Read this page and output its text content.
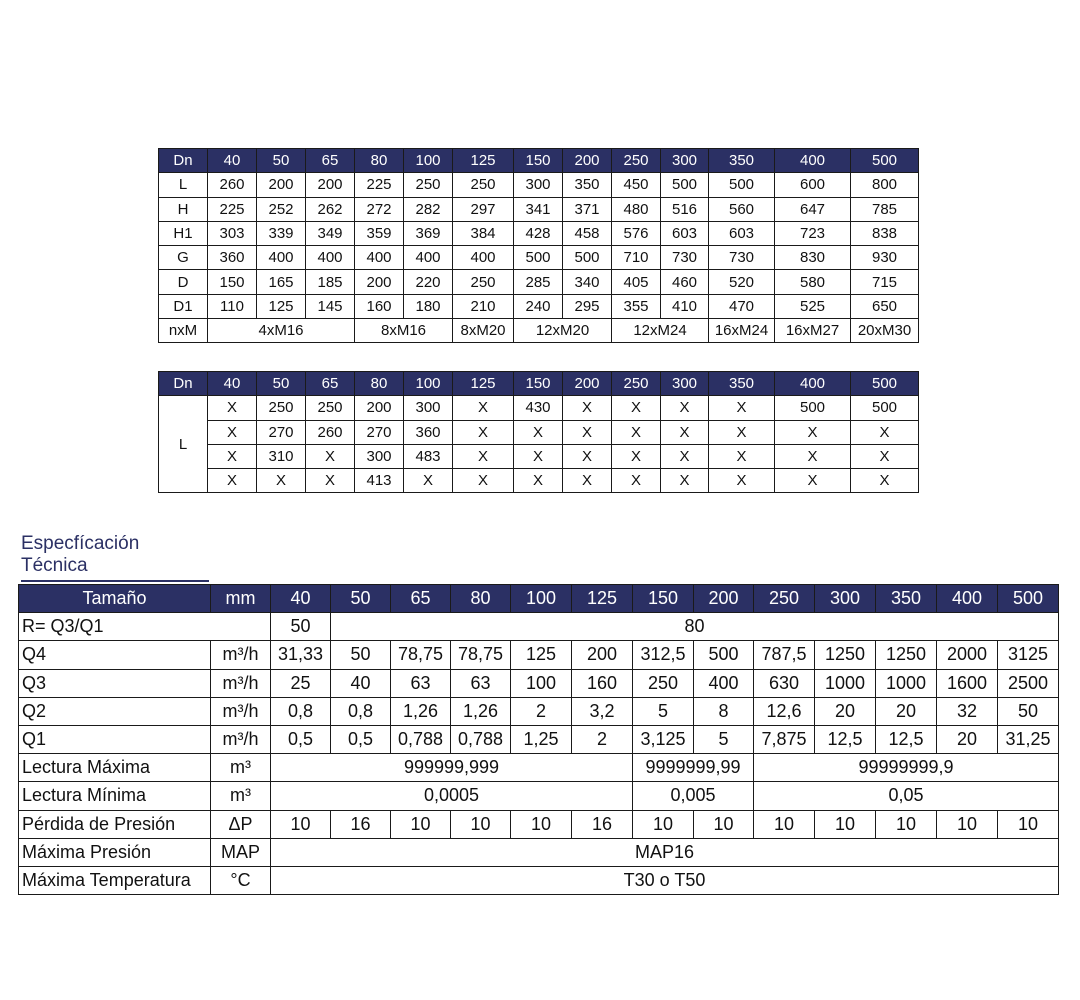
Dn	40	50	65	80	100	125	150	200	250	300	350	400	500
L	260	200	200	225	250	250	300	350	450	500	500	600	800
H	225	252	262	272	282	297	341	371	480	516	560	647	785
H1	303	339	349	359	369	384	428	458	576	603	603	723	838
G	360	400	400	400	400	400	500	500	710	730	730	830	930
D	150	165	185	200	220	250	285	340	405	460	520	580	715
D1	110	125	145	160	180	210	240	295	355	410	470	525	650
nxM	4xM16			8xM16		8xM20	12xM20		12xM24		16xM24	16xM27	20xM30
Dn	40	50	65	80	100	125	150	200	250	300	350	400	500
L	X	250	250	200	300	X	430	X	X	X	X	500	500
	X	270	260	270	360	X	X	X	X	X	X	X	X
	X	310	X	300	483	X	X	X	X	X	X	X	X
	X	X	X	413	X	X	X	X	X	X	X	X	X
Especfícación Técnica
Tamaño	mm	40	50	65	80	100	125	150	200	250	300	350	400	500
R= Q3/Q1		50	80											
Q4	m³/h	31,33	50	78,75	78,75	125	200	312,5	500	787,5	1250	1250	2000	3125
Q3	m³/h	25	40	63	63	100	160	250	400	630	1000	1000	1600	2500
Q2	m³/h	0,8	0,8	1,26	1,26	2	3,2	5	8	12,6	20	20	32	50
Q1	m³/h	0,5	0,5	0,788	0,788	1,25	2	3,125	5	7,875	12,5	12,5	20	31,25
Lectura Máxima	m³	999999,999						9999999,99		99999999,9				
Lectura Mínima	m³	0,0005						0,005		0,05				
Pérdida de Presión	ΔP	10	16	10	10	10	16	10	10	10	10	10	10	10
Máxima Presión	MAP	MAP16												
Máxima Temperatura	°C	T30 o T50												
